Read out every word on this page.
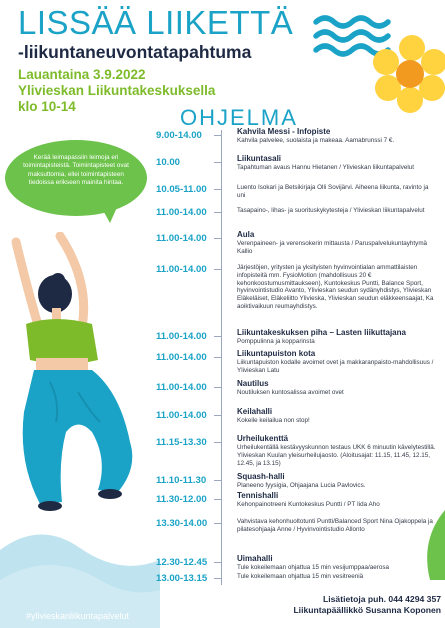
LISSÄÄ LIIKETTÄ
-liikuntaneuvontatapahtuma
Lauantaina 3.9.2022
Ylivieskan Liikuntakeskuksella
klo 10-14	OHJELMA
Kerää leimapassiin leimoja eri toimintapisteistä. Toimintapisteet ovat maksuttomia, ellei toimintapisteen tiedoissa erikseen mainita hintaa.
#ylivieskanliikuntapalvelut
9.00-14.00	Kahvila Messi - Infopiste
Kahvila palvelee, suolaista ja makeaa. Aamabrunssi 7 €.
10.00	Liikuntasali
Tapahtuman avaus Hannu Hietanen / Ylivieskan liikuntapalvelut
10.05-11.00	Luento Isokari ja Betsikirjaja Olli Sovijärvi. Aiheena liikunta, ravinto ja uni
11.00-14.00	Tasapaino-, lihas- ja suorituskykytesteja / Ylivieskan liikuntapalvelut
11.00-14.00	Aula
Verenpaineen- ja verensokerin mittausta / Paruspalvelukuntayhtymä Kallio
11.00-14.00	Järjestöjen, yritysten ja yksityisten hyvinvointialan ammattilaisten infopisteitä mm. FysioMotion (mahdollisuus 20 € kehonkoostumusmittaukseen), Kuntokeskus Puntti, Balance Sport, hyvinvointistudio Avanto, Ylivieskan seudun sydänyhdistys, Ylivieskan Eläkeläiset, Eläkeliitto Ylivieska, Ylivieskan seudun eläkkeensaajat, Ka aoiktivaikuun reumayhdistys.
11.00-14.00	Liikuntakeskuksen piha – Lasten liikuttajana
Pomppulinna ja kopparinsta
11.00-14.00	Liikuntapuiston kota
Liikuntapuiston kodalle avoimet ovet ja makkaranpaisto-mahdollisuus / Ylivieskan Latu
11.00-14.00	Nautilus
Noutiluksen kuntosalissa avoimet ovet
11.00-14.00	Keilahalli
Kokeile keilailua non stop!
11.15-13.30	Urheilukenttä
Urheilukentällä kestävyyskunnon testaus UKK 6 minuutin kävelytestillä. Ylivieskan Kuulan yleisurheilujaosto. (Aloitusajat: 11.15, 11.45, 12.15, 12.45, ja 13.15)
11.10-11.30	Squash-halli
Planeeno fyysigia, Ohjaajana Lucia Pavlovics.
11.30-12.00	Tennishalli
Kehonpainotreeni Kuntokeskus Puntti / PT Iida Aho
13.30-14.00	Vahvistava kehonhuoltotunti Puntti/Balanced Sport Nina Ojakoppela ja pilatesohjaaja Anne / Hyvinvointistudio Allonto
12.30-12.45	Uimahalli
Tule kokeilemaan ohjattua 15 min vesijumppaa/aerosa
13.00-13.15	Tule kokeilemaan ohjattua 15 min vesitreeniä
Lisätietoja puh. 044 4294 357
Liikuntapäällikkö Susanna Koponen
